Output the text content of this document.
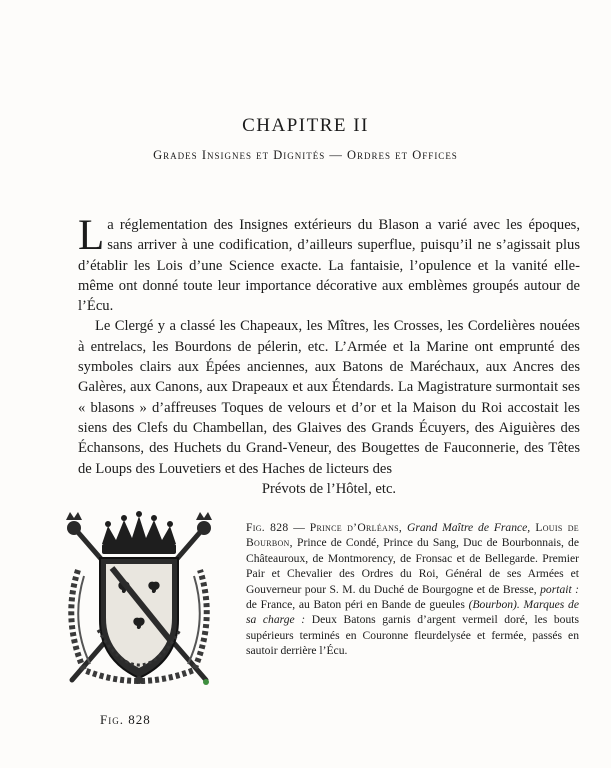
CHAPITRE II
Grades Insignes et Dignités — Ordres et Offices

La réglementation des Insignes extérieurs du Blason a varié avec les époques, sans arriver à une codification, d’ailleurs superflue, puisqu’il ne s’agissait plus d’établir les Lois d’une Science exacte. La fantaisie, l’opulence et la vanité elle-même ont donné toute leur importance décorative aux emblèmes groupés autour de l’Écu.

Le Clergé y a classé les Chapeaux, les Mîtres, les Crosses, les Cordelières nouées à entrelacs, les Bourdons de pélerin, etc. L’Armée et la Marine ont emprunté des symboles clairs aux Épées anciennes, aux Batons de Maréchaux, aux Ancres des Galères, aux Canons, aux Drapeaux et aux Étendards. La Magistrature surmontait ses « blasons » d’affreuses Toques de velours et d’or et la Maison du Roi accostait les siens des Clefs du Chambellan, des Glaives des Grands Écuyers, des Aiguières des Échansons, des Huchets du Grand-Veneur, des Bougettes de Fauconnerie, des Têtes de Loups des Louvetiers et des Haches de licteurs des

Prévots de l’Hôtel, etc.
Fig. 828
Fig. 828 — Prince d’Orléans, Grand Maître de France, Louis de Bourbon, Prince de Condé, Prince du Sang, Duc de Bourbonnais, de Châteauroux, de Montmorency, de Fronsac et de Bellegarde. Premier Pair et Chevalier des Ordres du Roi, Général de ses Armées et Gouverneur pour S. M. du Duché de Bourgogne et de Bresse, portait : de France, au Baton péri en Bande de gueules (Bourbon). Marques de sa charge : Deux Batons garnis d’argent vermeil doré, les bouts supérieurs terminés en Couronne fleurdelysée et fermée, passés en sautoir derrière l’Écu.
